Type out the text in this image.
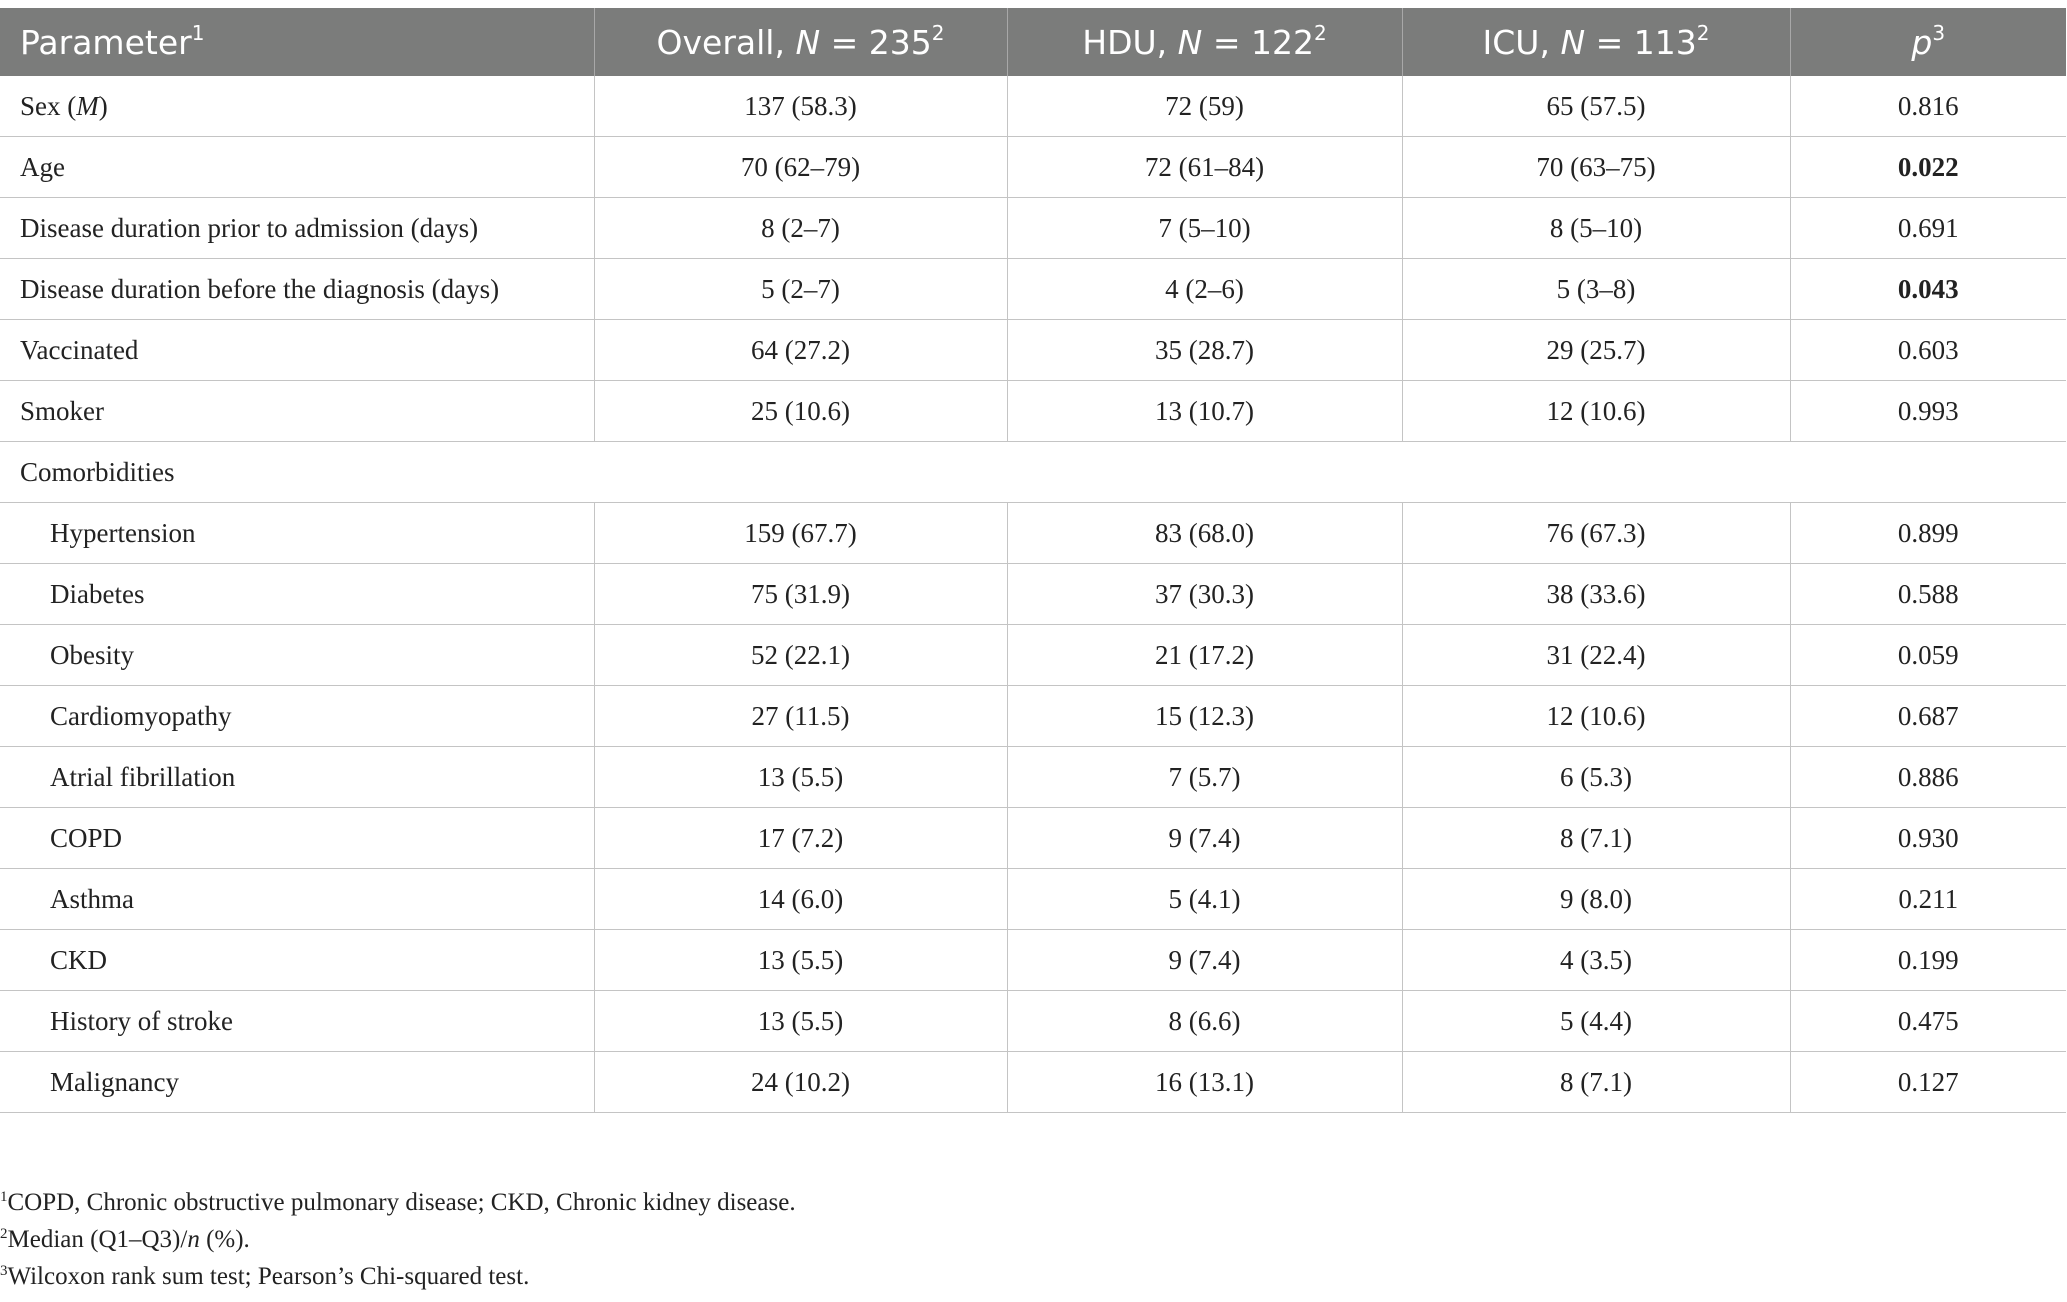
Parameter$^1$	Overall, $N = 235^2$	HDU, $N = 122^2$	ICU, $N = 113^2$	$p^3$
Sex (M)	137 (58.3)	72 (59)	65 (57.5)	0.816
Age	70 (62–79)	72 (61–84)	70 (63–75)	0.022
Disease duration prior to admission (days)	8 (2–7)	7 (5–10)	8 (5–10)	0.691
Disease duration before the diagnosis (days)	5 (2–7)	4 (2–6)	5 (3–8)	0.043
Vaccinated	64 (27.2)	35 (28.7)	29 (25.7)	0.603
Smoker	25 (10.6)	13 (10.7)	12 (10.6)	0.993
Comorbidities				
Hypertension	159 (67.7)	83 (68.0)	76 (67.3)	0.899
Diabetes	75 (31.9)	37 (30.3)	38 (33.6)	0.588
Obesity	52 (22.1)	21 (17.2)	31 (22.4)	0.059
Cardiomyopathy	27 (11.5)	15 (12.3)	12 (10.6)	0.687
Atrial fibrillation	13 (5.5)	7 (5.7)	6 (5.3)	0.886
COPD	17 (7.2)	9 (7.4)	8 (7.1)	0.930
Asthma	14 (6.0)	5 (4.1)	9 (8.0)	0.211
CKD	13 (5.5)	9 (7.4)	4 (3.5)	0.199
History of stroke	13 (5.5)	8 (6.6)	5 (4.4)	0.475
Malignancy	24 (10.2)	16 (13.1)	8 (7.1)	0.127
$^1$COPD, Chronic obstructive pulmonary disease; CKD, Chronic kidney disease.
$^2$Median (Q1–Q3)/n (%).
$^3$Wilcoxon rank sum test; Pearson’s Chi-squared test.
